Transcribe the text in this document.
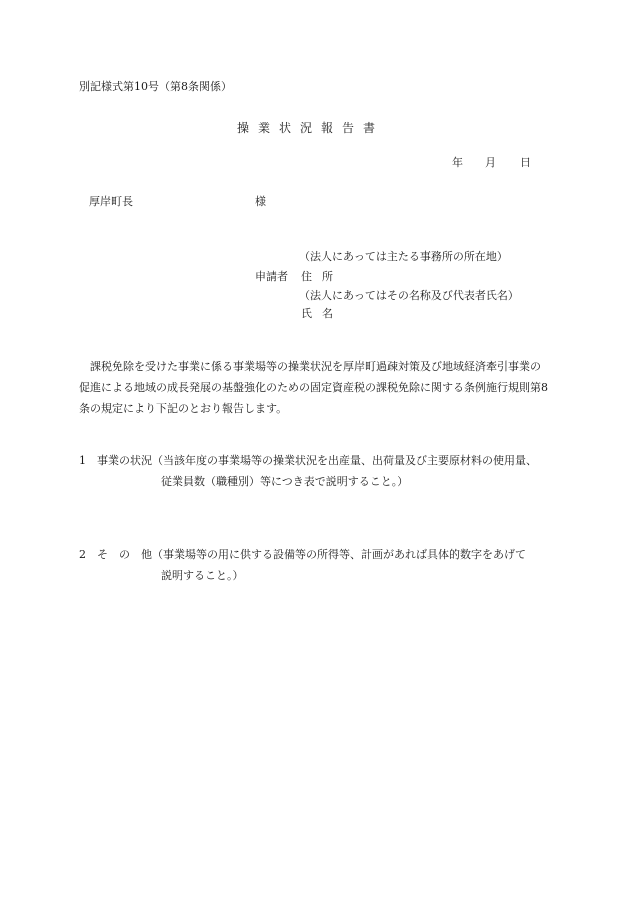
別記様式第10号（第8条関係）
操業状況報告書
年 月 日
厚岸町長	様
（法人にあっては主たる事務所の所在地）
申請者 住所
（法人にあってはその名称及び代表者氏名）
氏名
課税免除を受けた事業に係る事業場等の操業状況を厚岸町過疎対策及び地域経済牽引事業の促進による地域の成長発展の基盤強化のための固定資産税の課税免除に関する条例施行規則第8条の規定により下記のとおり報告します。
1　事業の状況（当該年度の事業場等の操業状況を出産量、出荷量及び主要原材料の使用量、
従業員数（職種別）等につき表で説明すること。）
2　そ　の　他（事業場等の用に供する設備等の所得等、計画があれば具体的数字をあげて
説明すること。）
